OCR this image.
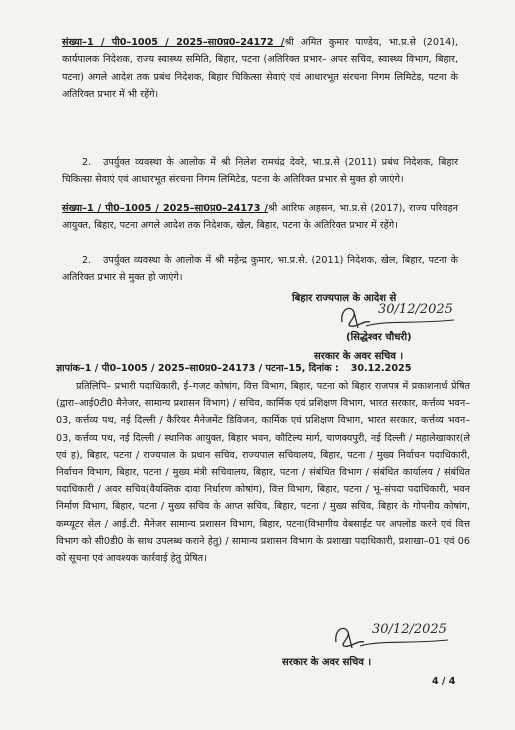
संख्या–1 / पी0–1005 / 2025–सा0प्र0–24172 /श्री अमित कुमार पाण्डेय, भा.प्र.से (2014), कार्यपालक निदेशक, राज्य स्वास्थ्य समिति, बिहार, पटना (अतिरिक्त प्रभार– अपर सचिव, स्वास्थ्य विभाग, बिहार, पटना) अगले आदेश तक प्रबंध निदेशक, बिहार चिकित्सा सेवाएं एवं आधारभूत संरचना निगम लिमिटेड, पटना के अतिरिक्त प्रभार में भी रहेंगे।

2. उपर्युक्त व्यवस्था के आलोक में श्री निलेश रामचंद्र देवरे, भा.प्र.से (2011) प्रबंध निदेशक, बिहार चिकित्सा सेवाएं एवं आधारभूत संरचना निगम लिमिटेड, पटना के अतिरिक्त प्रभार से मुक्त हो जाएंगे।

संख्या–1 / पी0–1005 / 2025–सा0प्र0–24173 /श्री आरिफ अहसन, भा.प्र.से (2017), राज्य परिवहन आयुक्त, बिहार, पटना अगले आदेश तक निदेशक, खेल, बिहार, पटना के अतिरिक्त प्रभार में रहेंगे।

2. उपर्युक्त व्यवस्था के आलोक में श्री महेन्द्र कुमार, भा.प्र.से. (2011) निदेशक, खेल, बिहार, पटना के अतिरिक्त प्रभार से मुक्त हो जाएंगे।

बिहार राज्यपाल के आदेश से
30/12/2025
(सिद्धेश्वर चौधरी)
सरकार के अवर सचिव ।

ज्ञापांक–1 / पी0–1005 / 2025–सा0प्र0–24173 / पटना–15, दिनांक : 30.12.2025

प्रतिलिपि– प्रभारी पदाधिकारी, ई–गजट कोषांग, वित्त विभाग, बिहार, पटना को बिहार राजपत्र में प्रकाशनार्थ प्रेषित (द्वारा–आई0टी0 मैनेजर, सामान्य प्रशासन विभाग) / सचिव, कार्मिक एवं प्रशिक्षण विभाग, भारत सरकार, कर्त्तव्य भवन–03, कर्त्तव्य पथ, नई दिल्ली / कैरियर मैनेजमेंट डिविजन, कार्मिक एवं प्रशिक्षण विभाग, भारत सरकार, कर्त्तव्य भवन–03, कर्त्तव्य पथ, नई दिल्ली / स्थानिक आयुक्त, बिहार भवन, कौटिल्य मार्ग, चाणक्यपुरी, नई दिल्ली / महालेखाकार(ले एवं ह), बिहार, पटना / राज्यपाल के प्रधान सचिव, राज्यपाल सचिवालय, बिहार, पटना / मुख्य निर्वाचन पदाधिकारी, निर्वाचन विभाग, बिहार, पटना / मुख्य मंत्री सचिवालय, बिहार, पटना / संबंधित विभाग / संबंधित कार्यालय / संबंधित पदाधिकारी / अवर सचिव(वैयक्तिक दावा निर्धारण कोषांग), वित्त विभाग, बिहार, पटना / भू–संपदा पदाधिकारी, भवन निर्माण विभाग, बिहार, पटना / मुख्य सचिव के आप्त सचिव, बिहार, पटना / मुख्य सचिव, बिहार के गोपनीय कोषांग, कम्प्यूटर सेल / आई.टी. मैनेजर सामान्य प्रशासन विभाग, बिहार, पटना(विभागीय वेबसाईट पर अपलोड करने एवं वित्त विभाग को सी0डी0 के साथ उपलब्ध कराने हेतु) / सामान्य प्रशासन विभाग के प्रशाखा पदाधिकारी, प्रशाखा–01 एवं 06 को सूचना एवं आवश्यक कार्रवाई हेतु प्रेषित।

30/12/2025
सरकार के अवर सचिव ।
4 / 4
